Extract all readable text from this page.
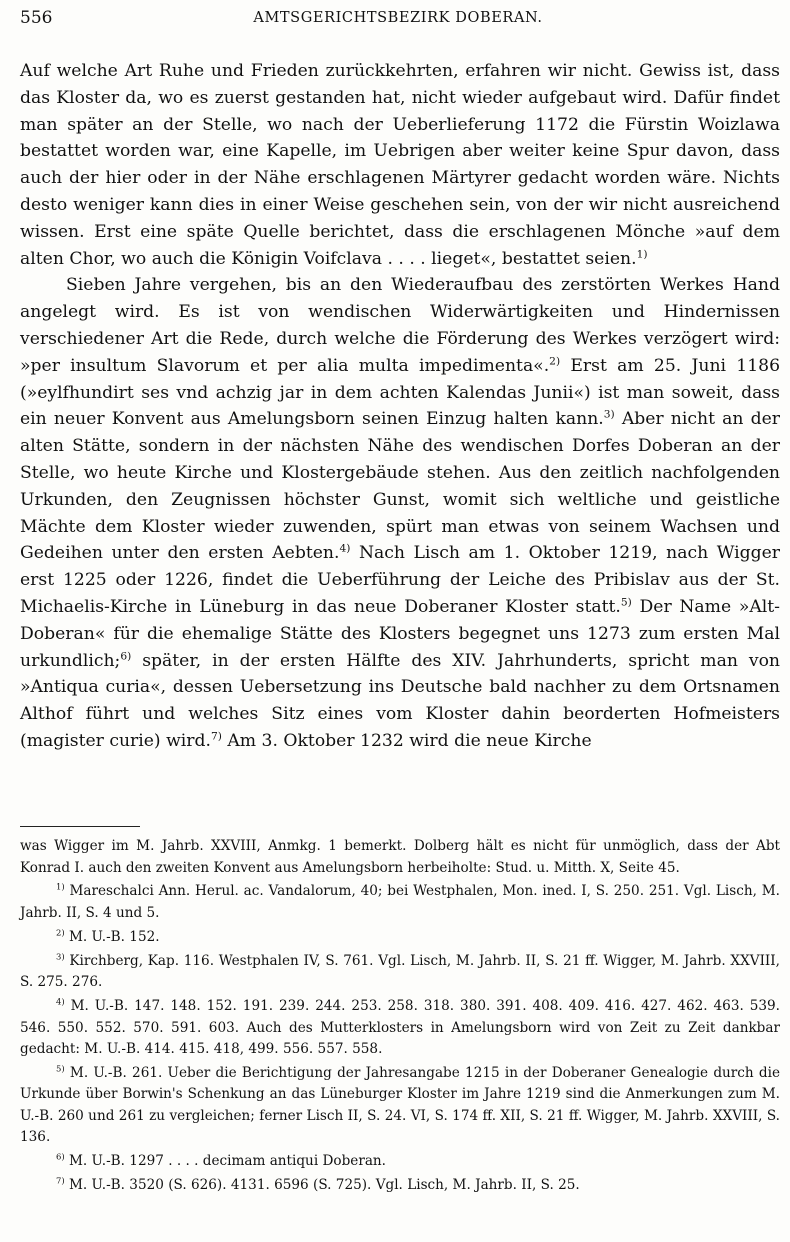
556	AMTSGERICHTSBEZIRK DOBERAN.

Auf welche Art Ruhe und Frieden zurückkehrten, erfahren wir nicht. Gewiss ist, dass das Kloster da, wo es zuerst gestanden hat, nicht wieder aufgebaut wird. Dafür findet man später an der Stelle, wo nach der Ueberlieferung 1172 die Fürstin Woizlawa bestattet worden war, eine Kapelle, im Uebrigen aber weiter keine Spur davon, dass auch der hier oder in der Nähe erschlagenen Märtyrer gedacht worden wäre. Nichts desto weniger kann dies in einer Weise geschehen sein, von der wir nicht ausreichend wissen. Erst eine späte Quelle berichtet, dass die erschlagenen Mönche »auf dem alten Chor, wo auch die Königin Voifclava . . . . lieget«, bestattet seien.$^{1)}$

Sieben Jahre vergehen, bis an den Wiederaufbau des zerstörten Werkes Hand angelegt wird. Es ist von wendischen Widerwärtigkeiten und Hindernissen verschiedener Art die Rede, durch welche die Förderung des Werkes verzögert wird: »per insultum Slavorum et per alia multa impedimenta«.$^{2)}$ Erst am 25. Juni 1186 (»eylfhundirt ses vnd achzig jar in dem achten Kalendas Junii«) ist man soweit, dass ein neuer Konvent aus Amelungsborn seinen Einzug halten kann.$^{3)}$ Aber nicht an der alten Stätte, sondern in der nächsten Nähe des wendischen Dorfes Doberan an der Stelle, wo heute Kirche und Klostergebäude stehen. Aus den zeitlich nachfolgenden Urkunden, den Zeugnissen höchster Gunst, womit sich weltliche und geistliche Mächte dem Kloster wieder zuwenden, spürt man etwas von seinem Wachsen und Gedeihen unter den ersten Aebten.$^{4)}$ Nach Lisch am 1. Oktober 1219, nach Wigger erst 1225 oder 1226, findet die Ueberführung der Leiche des Pribislav aus der St. Michaelis-Kirche in Lüneburg in das neue Doberaner Kloster statt.$^{5)}$ Der Name »Alt-Doberan« für die ehemalige Stätte des Klosters begegnet uns 1273 zum ersten Mal urkundlich;$^{6)}$ später, in der ersten Hälfte des XIV. Jahrhunderts, spricht man von »Antiqua curia«, dessen Uebersetzung ins Deutsche bald nachher zu dem Ortsnamen Althof führt und welches Sitz eines vom Kloster dahin beorderten Hofmeisters (magister curie) wird.$^{7)}$ Am 3. Oktober 1232 wird die neue Kirche

was Wigger im M. Jahrb. XXVIII, Anmkg. 1 bemerkt. Dolberg hält es nicht für unmöglich, dass der Abt Konrad I. auch den zweiten Konvent aus Amelungsborn herbeiholte: Stud. u. Mitth. X, Seite 45.

$^{1)}$ Mareschalci Ann. Herul. ac. Vandalorum, 40; bei Westphalen, Mon. ined. I, S. 250. 251. Vgl. Lisch, M. Jahrb. II, S. 4 und 5.

$^{2)}$ M. U.-B. 152.

$^{3)}$ Kirchberg, Kap. 116. Westphalen IV, S. 761. Vgl. Lisch, M. Jahrb. II, S. 21 ff. Wigger, M. Jahrb. XXVIII, S. 275. 276.

$^{4)}$ M. U.-B. 147. 148. 152. 191. 239. 244. 253. 258. 318. 380. 391. 408. 409. 416. 427. 462. 463. 539. 546. 550. 552. 570. 591. 603. Auch des Mutterklosters in Amelungsborn wird von Zeit zu Zeit dankbar gedacht: M. U.-B. 414. 415. 418, 499. 556. 557. 558.

$^{5)}$ M. U.-B. 261. Ueber die Berichtigung der Jahresangabe 1215 in der Doberaner Genealogie durch die Urkunde über Borwin's Schenkung an das Lüneburger Kloster im Jahre 1219 sind die Anmerkungen zum M. U.-B. 260 und 261 zu vergleichen; ferner Lisch II, S. 24. VI, S. 174 ff. XII, S. 21 ff. Wigger, M. Jahrb. XXVIII, S. 136.

$^{6)}$ M. U.-B. 1297 . . . . decimam antiqui Doberan.

$^{7)}$ M. U.-B. 3520 (S. 626). 4131. 6596 (S. 725). Vgl. Lisch, M. Jahrb. II, S. 25.
